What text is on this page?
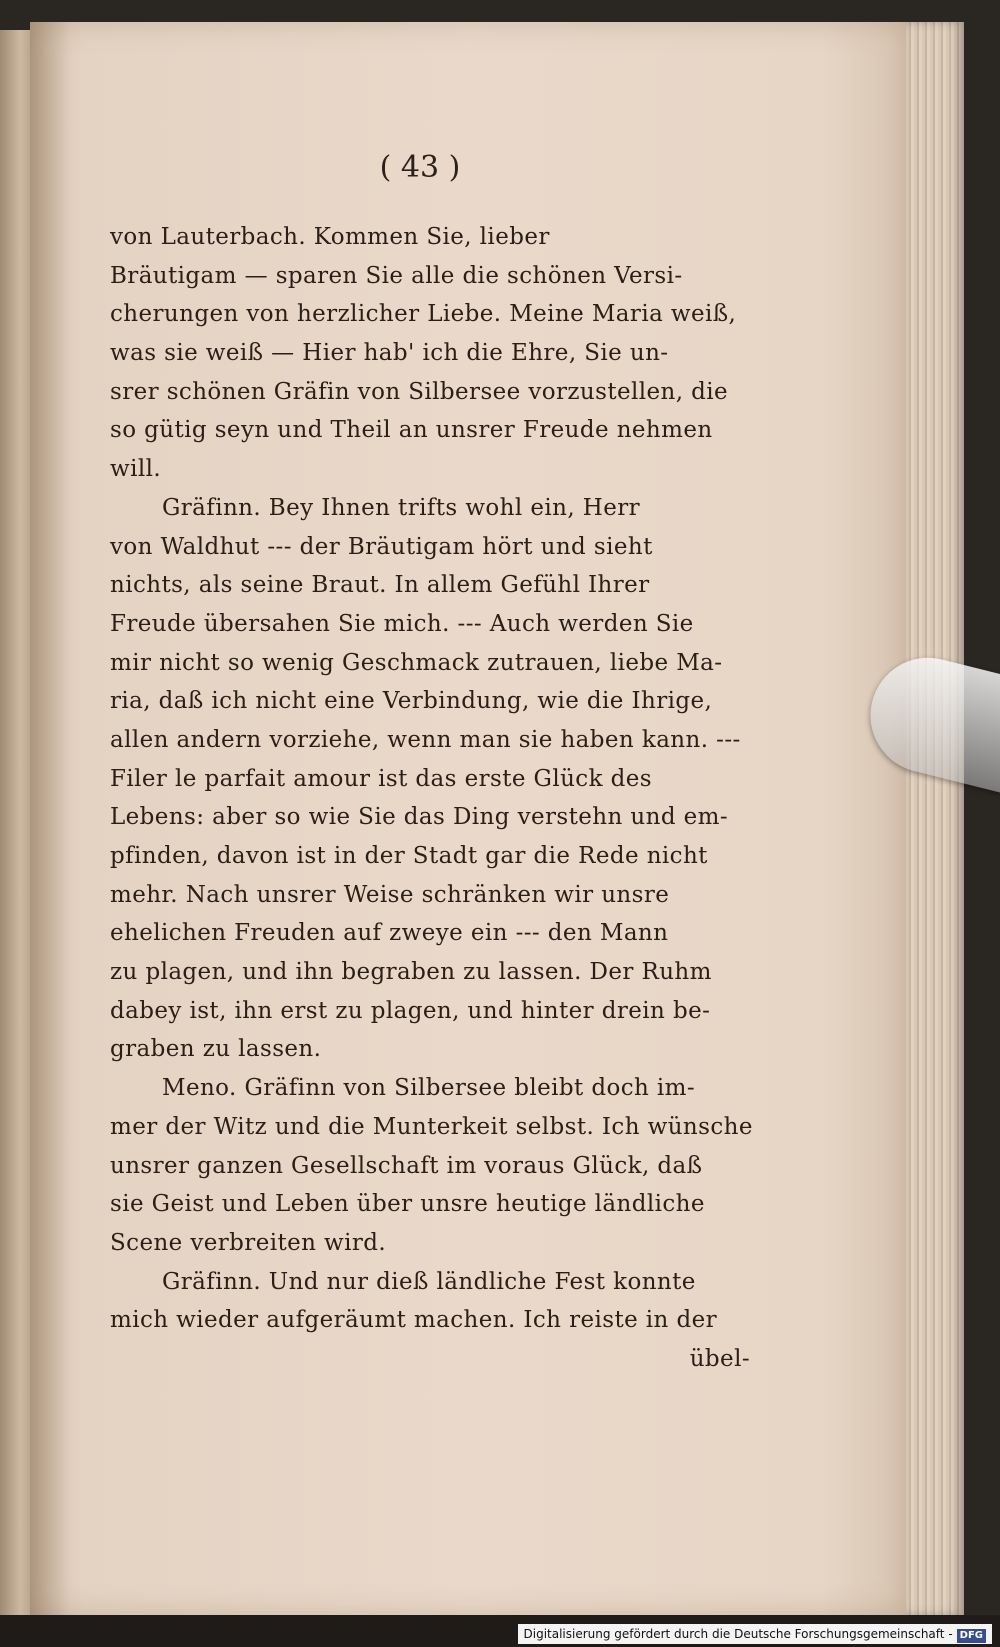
( 43 )
von Lauterbach. Kommen Sie, lieber
Bräutigam — sparen Sie alle die schönen Versi-
cherungen von herzlicher Liebe. Meine Maria weiß,
was sie weiß — Hier hab' ich die Ehre, Sie un-
srer schönen Gräfin von Silbersee vorzustellen, die
so gütig seyn und Theil an unsrer Freude nehmen
will.
Gräfinn. Bey Ihnen trifts wohl ein, Herr
von Waldhut --- der Bräutigam hört und sieht
nichts, als seine Braut. In allem Gefühl Ihrer
Freude übersahen Sie mich. --- Auch werden Sie
mir nicht so wenig Geschmack zutrauen, liebe Ma-
ria, daß ich nicht eine Verbindung, wie die Ihrige,
allen andern vorziehe, wenn man sie haben kann. ---
Filer le parfait amour ist das erste Glück des
Lebens: aber so wie Sie das Ding verstehn und em-
pfinden, davon ist in der Stadt gar die Rede nicht
mehr. Nach unsrer Weise schränken wir unsre
ehelichen Freuden auf zweye ein --- den Mann
zu plagen, und ihn begraben zu lassen. Der Ruhm
dabey ist, ihn erst zu plagen, und hinter drein be-
graben zu lassen.
Meno. Gräfinn von Silbersee bleibt doch im-
mer der Witz und die Munterkeit selbst. Ich wünsche
unsrer ganzen Gesellschaft im voraus Glück, daß
sie Geist und Leben über unsre heutige ländliche
Scene verbreiten wird.
Gräfinn. Und nur dieß ländliche Fest konnte
mich wieder aufgeräumt machen. Ich reiste in der
übel-
Digitalisierung gefördert durch die Deutsche Forschungsgemeinschaft - DFG
